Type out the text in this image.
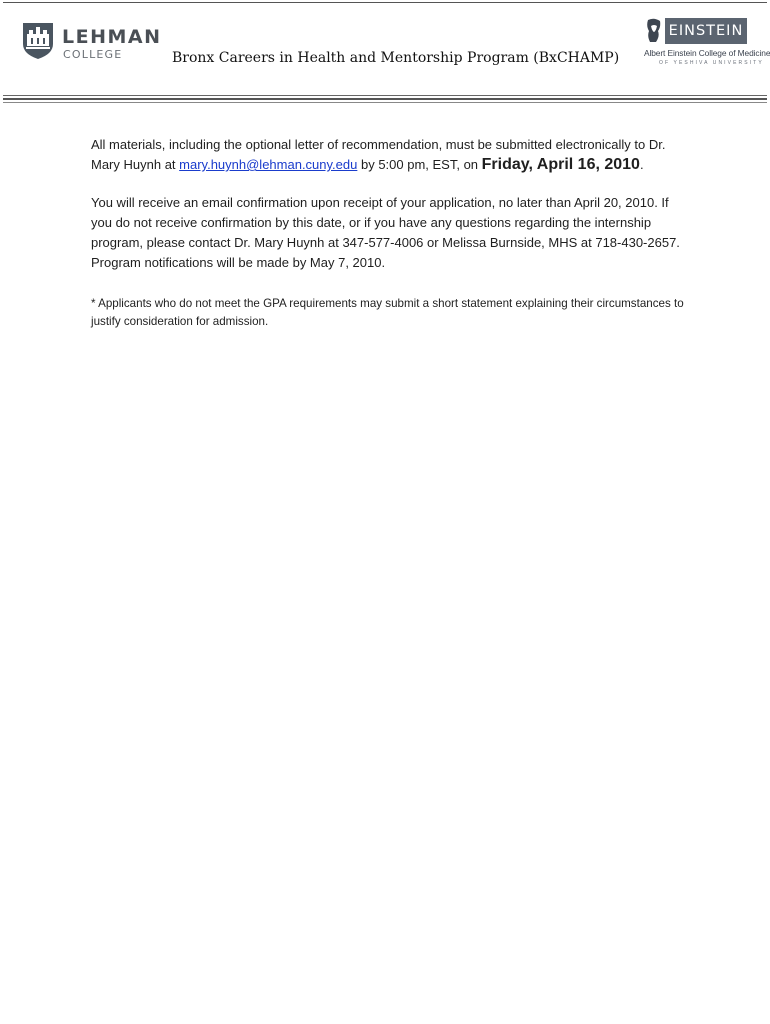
LEHMAN
COLLEGE	Bronx Careers in Health and Mentorship Program (BxCHAMP)
EINSTEIN
Albert Einstein College of Medicine
OF YESHIVA UNIVERSITY

All materials, including the optional letter of recommendation, must be submitted electronically to Dr. Mary Huynh at mary.huynh@lehman.cuny.edu by 5:00 pm, EST, on Friday, April 16, 2010.

You will receive an email confirmation upon receipt of your application, no later than April 20, 2010. If you do not receive confirmation by this date, or if you have any questions regarding the internship program, please contact Dr. Mary Huynh at 347-577-4006 or Melissa Burnside, MHS at 718-430-2657. Program notifications will be made by May 7, 2010.

* Applicants who do not meet the GPA requirements may submit a short statement explaining their circumstances to justify consideration for admission.
